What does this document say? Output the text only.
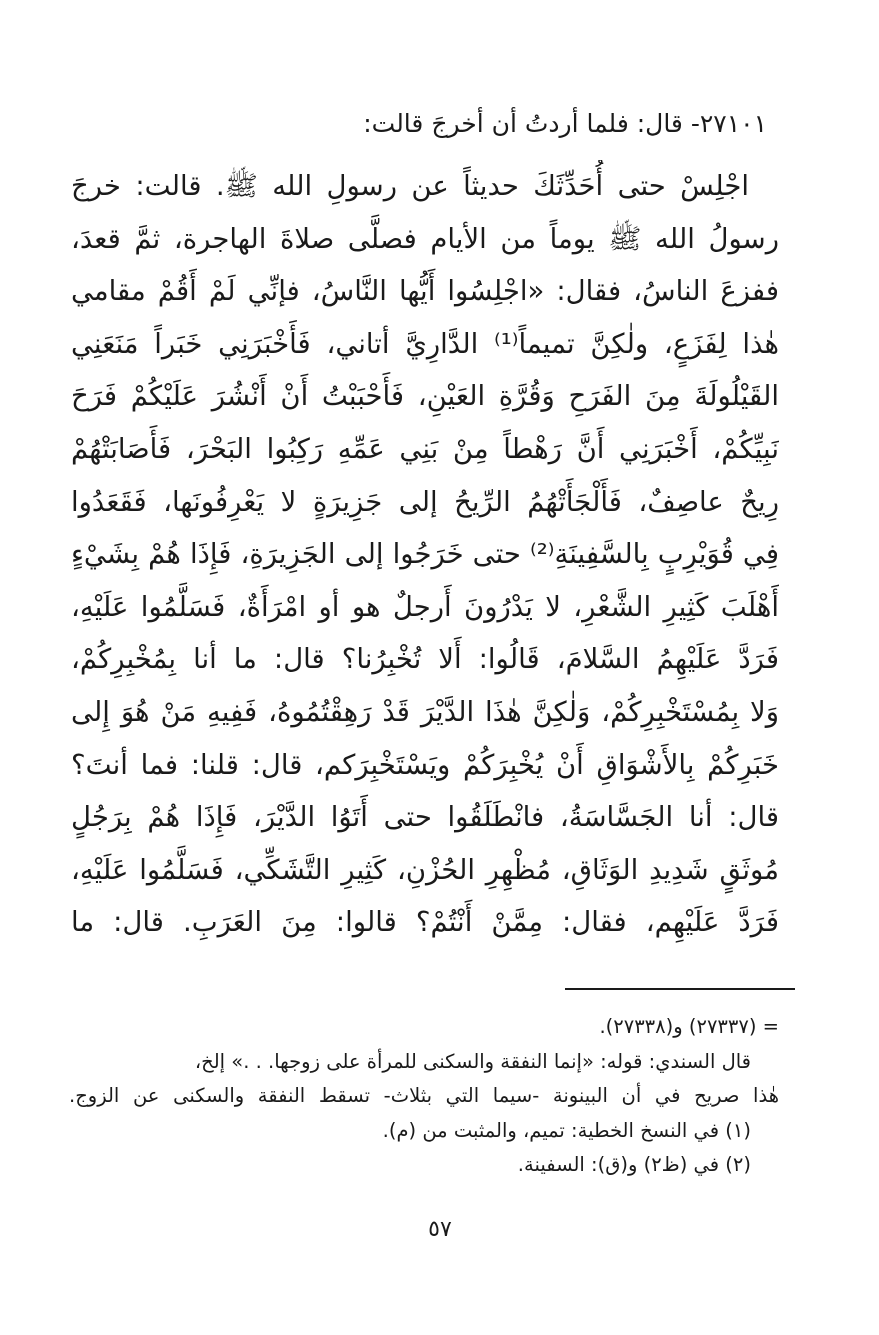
٢٧١٠١- قال: فلما أردتُ أن أخرجَ قالت:
اجْلِسْ حتى أُحَدِّثَكَ حديثاً عن رسولِ الله ﷺ. قالت: خرجَ
رسولُ الله ﷺ يوماً من الأيام فصلَّى صلاةَ الهاجرة، ثمَّ قعدَ،
ففزعَ الناسُ، فقال: «اجْلِسُوا أَيُّها النَّاسُ، فإنِّي لَمْ أَقُمْ مقامي
هٰذا لِفَزَعٍ، ولٰكِنَّ تميماً⁽¹⁾ الدَّارِيَّ أتاني، فَأَخْبَرَنِي خَبَراً مَنَعَنِي
القَيْلُولَةَ مِنَ الفَرَحِ وَقُرَّةِ العَيْنِ، فَأَحْبَبْتُ أَنْ أَنْشُرَ عَلَيْكُمْ فَرَحَ
نَبِيِّكُمْ، أَخْبَرَنِي أَنَّ رَهْطاً مِنْ بَنِي عَمِّهِ رَكِبُوا البَحْرَ، فَأَصَابَتْهُمْ
رِيحٌ عاصِفٌ، فَأَلْجَأَتْهُمُ الرِّيحُ إلى جَزِيرَةٍ لا يَعْرِفُونَها، فَقَعَدُوا
فِي قُوَيْرِبٍ بِالسَّفِينَةِ⁽²⁾ حتى خَرَجُوا إلى الجَزِيرَةِ، فَإِذَا هُمْ بِشَيْءٍ
أَهْلَبَ كَثِيرِ الشَّعْرِ، لا يَدْرُونَ أَرجلٌ هو أو امْرَأَةٌ، فَسَلَّمُوا عَلَيْهِ،
فَرَدَّ عَلَيْهِمُ السَّلامَ، قَالُوا: أَلا تُخْبِرُنا؟ قال: ما أنا بِمُخْبِرِكُمْ،
وَلا بِمُسْتَخْبِرِكُمْ، وَلٰكِنَّ هٰذَا الدَّيْرَ قَدْ رَهِقْتُمُوهُ، فَفِيهِ مَنْ هُوَ إِلى
خَبَرِكُمْ بِالأَشْوَاقِ أَنْ يُخْبِرَكُمْ ويَسْتَخْبِرَكم، قال: قلنا: فما أنتَ؟
قال: أنا الجَسَّاسَةُ، فانْطَلَقُوا حتى أَتَوُا الدَّيْرَ، فَإِذَا هُمْ بِرَجُلٍ
مُوثَقٍ شَدِيدِ الوَثَاقِ، مُظْهِرِ الحُزْنِ، كَثِيرِ التَّشَكِّي، فَسَلَّمُوا عَلَيْهِ،
فَرَدَّ عَلَيْهِم، فقال: مِمَّنْ أَنْتُمْ؟ قالوا: مِنَ العَرَبِ. قال: ما
= (٢٧٣٣٧) و(٢٧٣٣٨).
قال السندي: قوله: «إنما النفقة والسكنى للمرأة على زوجها. . .» إلخ،
هٰذا صريح في أن البينونة -سيما التي بثلاث- تسقط النفقة والسكنى عن الزوج.
(١) في النسخ الخطية: تميم، والمثبت من (م).
(٢) في (ظ٢) و(ق): السفينة.
٥٧
